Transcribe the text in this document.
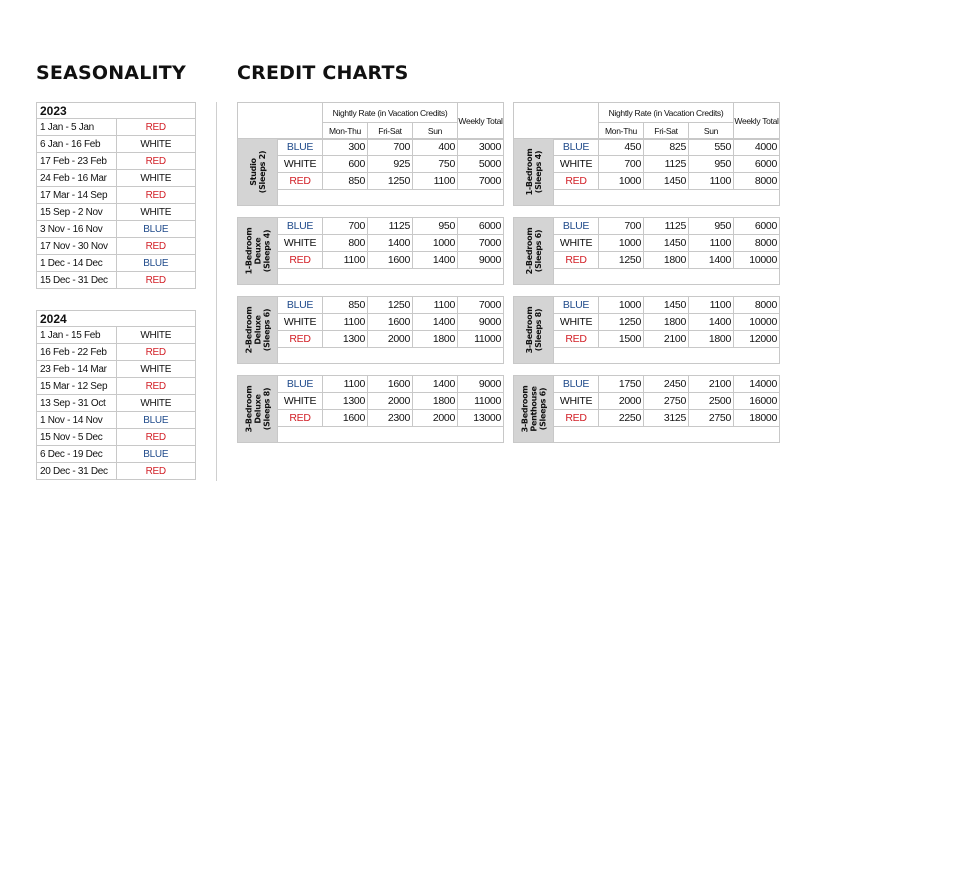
SEASONALITY	CREDIT CHARTS
2023	
1 Jan - 5 Jan	RED
6 Jan - 16 Feb	WHITE
17 Feb - 23 Feb	RED
24 Feb - 16 Mar	WHITE
17 Mar - 14 Sep	RED
15 Sep - 2 Nov	WHITE
3 Nov - 16 Nov	BLUE
17 Nov - 30 Nov	RED
1 Dec - 14 Dec	BLUE
15 Dec - 31 Dec	RED
2024	
1 Jan - 15 Feb	WHITE
16 Feb - 22 Feb	RED
23 Feb - 14 Mar	WHITE
15 Mar - 12 Sep	RED
13 Sep - 31 Oct	WHITE
1 Nov - 14 Nov	BLUE
15 Nov - 5 Dec	RED
6 Dec - 19 Dec	BLUE
20 Dec - 31 Dec	RED
	Nightly Rate (in Vacation Credits)			Weekly Total
	Mon-Thu	Fri-Sat	Sun	
Studio
(Sleeps 2)	BLUE	300	700	400	3000
	WHITE	600	925	750	5000
	RED	850	1250	1100	7000

1-Bedroom
Deuxe
(Sleeps 4)	BLUE	700	1125	950	6000
	WHITE	800	1400	1000	7000
	RED	1100	1600	1400	9000

2-Bedroom
Deluxe
(Sleeps 6)	BLUE	850	1250	1100	7000
	WHITE	1100	1600	1400	9000
	RED	1300	2000	1800	11000

3-Bedroom
Deluxe
(Sleeps 8)	BLUE	1100	1600	1400	9000
	WHITE	1300	2000	1800	11000
	RED	1600	2300	2000	13000

	Nightly Rate (in Vacation Credits)			Weekly Total
	Mon-Thu	Fri-Sat	Sun	
1-Bedroom
(Sleeps 4)	BLUE	450	825	550	4000
	WHITE	700	1125	950	6000
	RED	1000	1450	1100	8000

2-Bedroom
(Sleeps 6)	BLUE	700	1125	950	6000
	WHITE	1000	1450	1100	8000
	RED	1250	1800	1400	10000

3-Bedroom
(Sleeps 8)	BLUE	1000	1450	1100	8000
	WHITE	1250	1800	1400	10000
	RED	1500	2100	1800	12000

3-Bedroom
Penthouse
(Sleeps 6)	BLUE	1750	2450	2100	14000
	WHITE	2000	2750	2500	16000
	RED	2250	3125	2750	18000
